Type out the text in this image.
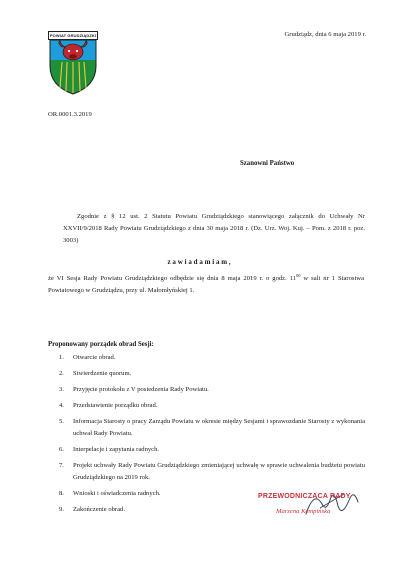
POWIAT GRUDZIĄDZKI	Grudziądz, dnia 6 maja 2019 r.
OR.0001.3.2019
Szanowni Państwo
Zgodnie z § 12 ust. 2 Statutu Powiatu Grudziądzkiego stanowiącego załącznik do Uchwały Nr XXVII/9/2018 Rady Powiatu Grudziądzkiego z dnia 30 maja 2018 r. (Dz. Urz. Woj. Kuj. – Pom. z 2018 r. poz. 3003)
zawiadamiam,
że VI Sesja Rady Powiatu Grudziądzkiego odbędzie się dnia 8 maja 2019 r. o godz. $11^{00}$ w sali nr 1 Starostwa Powiatowego w Grudziądzu, przy ul. Małomłyńskiej 1.
Proponowany porządek obrad Sesji:
1. Otwarcie obrad.
2. Stwierdzenie quorum.
3. Przyjęcie protokołu z V posiedzenia Rady Powiatu.
4. Przedstawienie porządku obrad.
5. Informacja Starosty o pracy Zarządu Powiatu w okresie między Sesjami i sprawozdanie Starosty z wykonania uchwał Rady Powiatu.
6. Interpelacje i zapytania radnych.
7. Projekt uchwały Rady Powiatu Grudziądzkiego zmieniającej uchwałę w sprawie uchwalenia budżetu powiatu Grudziądzkiego na 2019 rok.
8. Wnioski i oświadczenia radnych.
9. Zakończenie obrad.
PRZEWODNICZĄCA RADY
Marzena Kempińska
